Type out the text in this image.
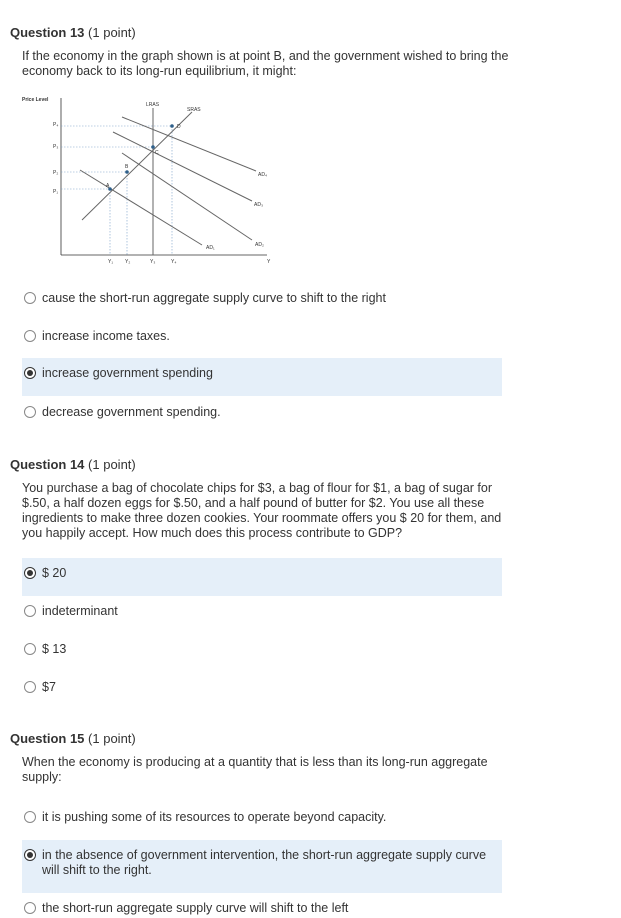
Question 13 (1 point)
If the economy in the graph shown is at point B, and the government wished to bring the economy back to its long-run equilibrium, it might:
Price Level
Y
P₄
P₃
P₂
P₁
Y₁ Y₂	Y₃	Y₄
LRAS
SRAS
AD₄
AD₃
AD₂
AD₁
A
B
C
D
cause the short-run aggregate supply curve to shift to the right
increase income taxes.
increase government spending
decrease government spending.
Question 14 (1 point)
You purchase a bag of chocolate chips for $3, a bag of flour for $1, a bag of sugar for $.50, a half dozen eggs for $.50, and a half pound of butter for $2. You use all these ingredients to make three dozen cookies. Your roommate offers you $ 20 for them, and you happily accept. How much does this process contribute to GDP?
$ 20
indeterminant
$ 13
$7
Question 15 (1 point)
When the economy is producing at a quantity that is less than its long-run aggregate supply:
it is pushing some of its resources to operate beyond capacity.
in the absence of government intervention, the short-run aggregate supply curve will shift to the right.
the short-run aggregate supply curve will shift to the left
